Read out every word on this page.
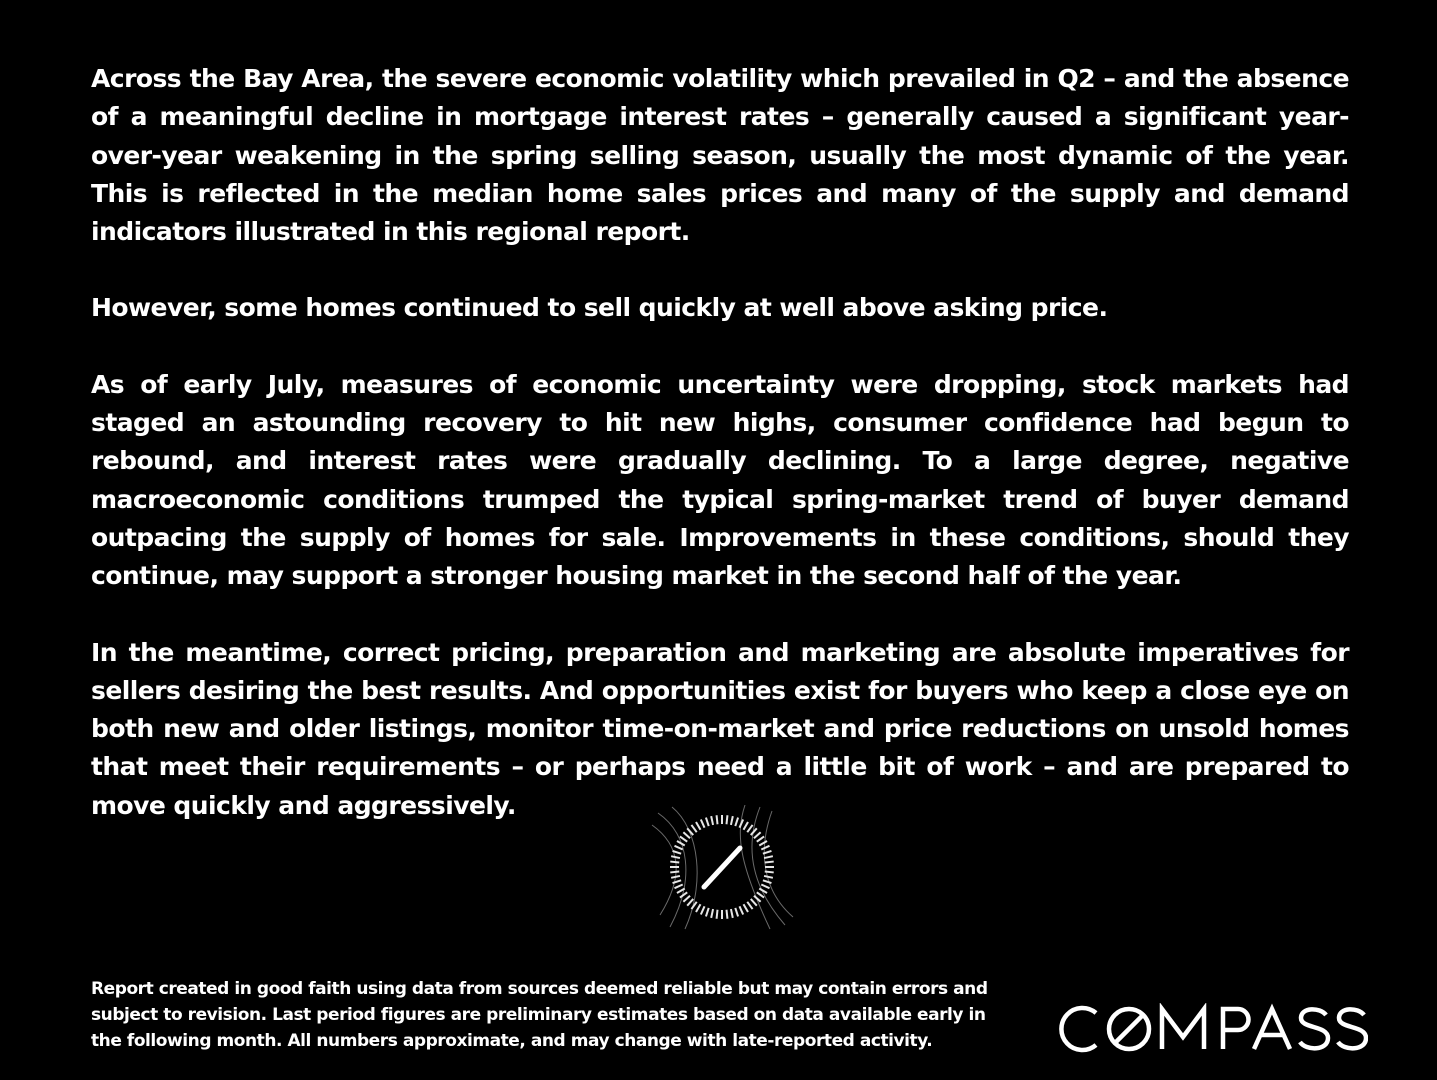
Across the Bay Area, the severe economic volatility which prevailed in Q2 – and the absence of a meaningful decline in mortgage interest rates – generally caused a significant year-over-year weakening in the spring selling season, usually the most dynamic of the year. This is reflected in the median home sales prices and many of the supply and demand indicators illustrated in this regional report.

However, some homes continued to sell quickly at well above asking price.

As of early July, measures of economic uncertainty were dropping, stock markets had staged an astounding recovery to hit new highs, consumer confidence had begun to rebound, and interest rates were gradually declining. To a large degree, negative macroeconomic conditions trumped the typical spring-market trend of buyer demand outpacing the supply of homes for sale. Improvements in these conditions, should they continue, may support a stronger housing market in the second half of the year.

In the meantime, correct pricing, preparation and marketing are absolute imperatives for sellers desiring the best results. And opportunities exist for buyers who keep a close eye on both new and older listings, monitor time-on-market and price reductions on unsold homes that meet their requirements – or perhaps need a little bit of work – and are prepared to move quickly and aggressively.

Report created in good faith using data from sources deemed reliable but may contain errors and subject to revision. Last period figures are preliminary estimates based on data available early in the following month. All numbers approximate, and may change with late-reported activity.
